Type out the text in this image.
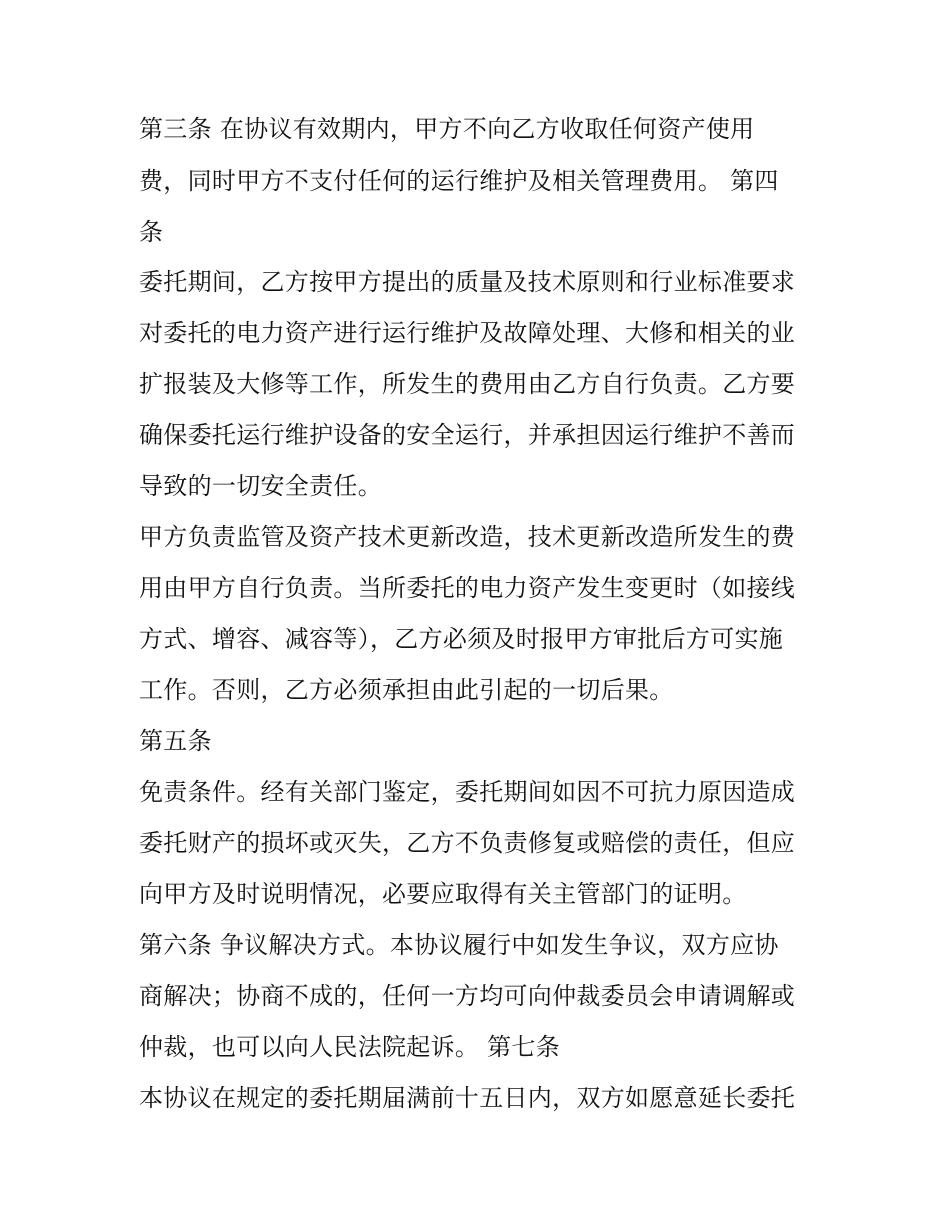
第三条 在协议有效期内，甲方不向乙方收取任何资产使用
费，同时甲方不支付任何的运行维护及相关管理费用。 第四
条
委托期间，乙方按甲方提出的质量及技术原则和行业标准要求
对委托的电力资产进行运行维护及故障处理、大修和相关的业
扩报装及大修等工作，所发生的费用由乙方自行负责。乙方要
确保委托运行维护设备的安全运行，并承担因运行维护不善而
导致的一切安全责任。
甲方负责监管及资产技术更新改造，技术更新改造所发生的费
用由甲方自行负责。当所委托的电力资产发生变更时（如接线
方式、增容、减容等），乙方必须及时报甲方审批后方可实施
工作。否则，乙方必须承担由此引起的一切后果。
第五条
免责条件。经有关部门鉴定，委托期间如因不可抗力原因造成
委托财产的损坏或灭失，乙方不负责修复或赔偿的责任，但应
向甲方及时说明情况，必要应取得有关主管部门的证明。
第六条 争议解决方式。本协议履行中如发生争议，双方应协
商解决；协商不成的，任何一方均可向仲裁委员会申请调解或
仲裁，也可以向人民法院起诉。 第七条
本协议在规定的委托期届满前十五日内，双方如愿意延长委托
